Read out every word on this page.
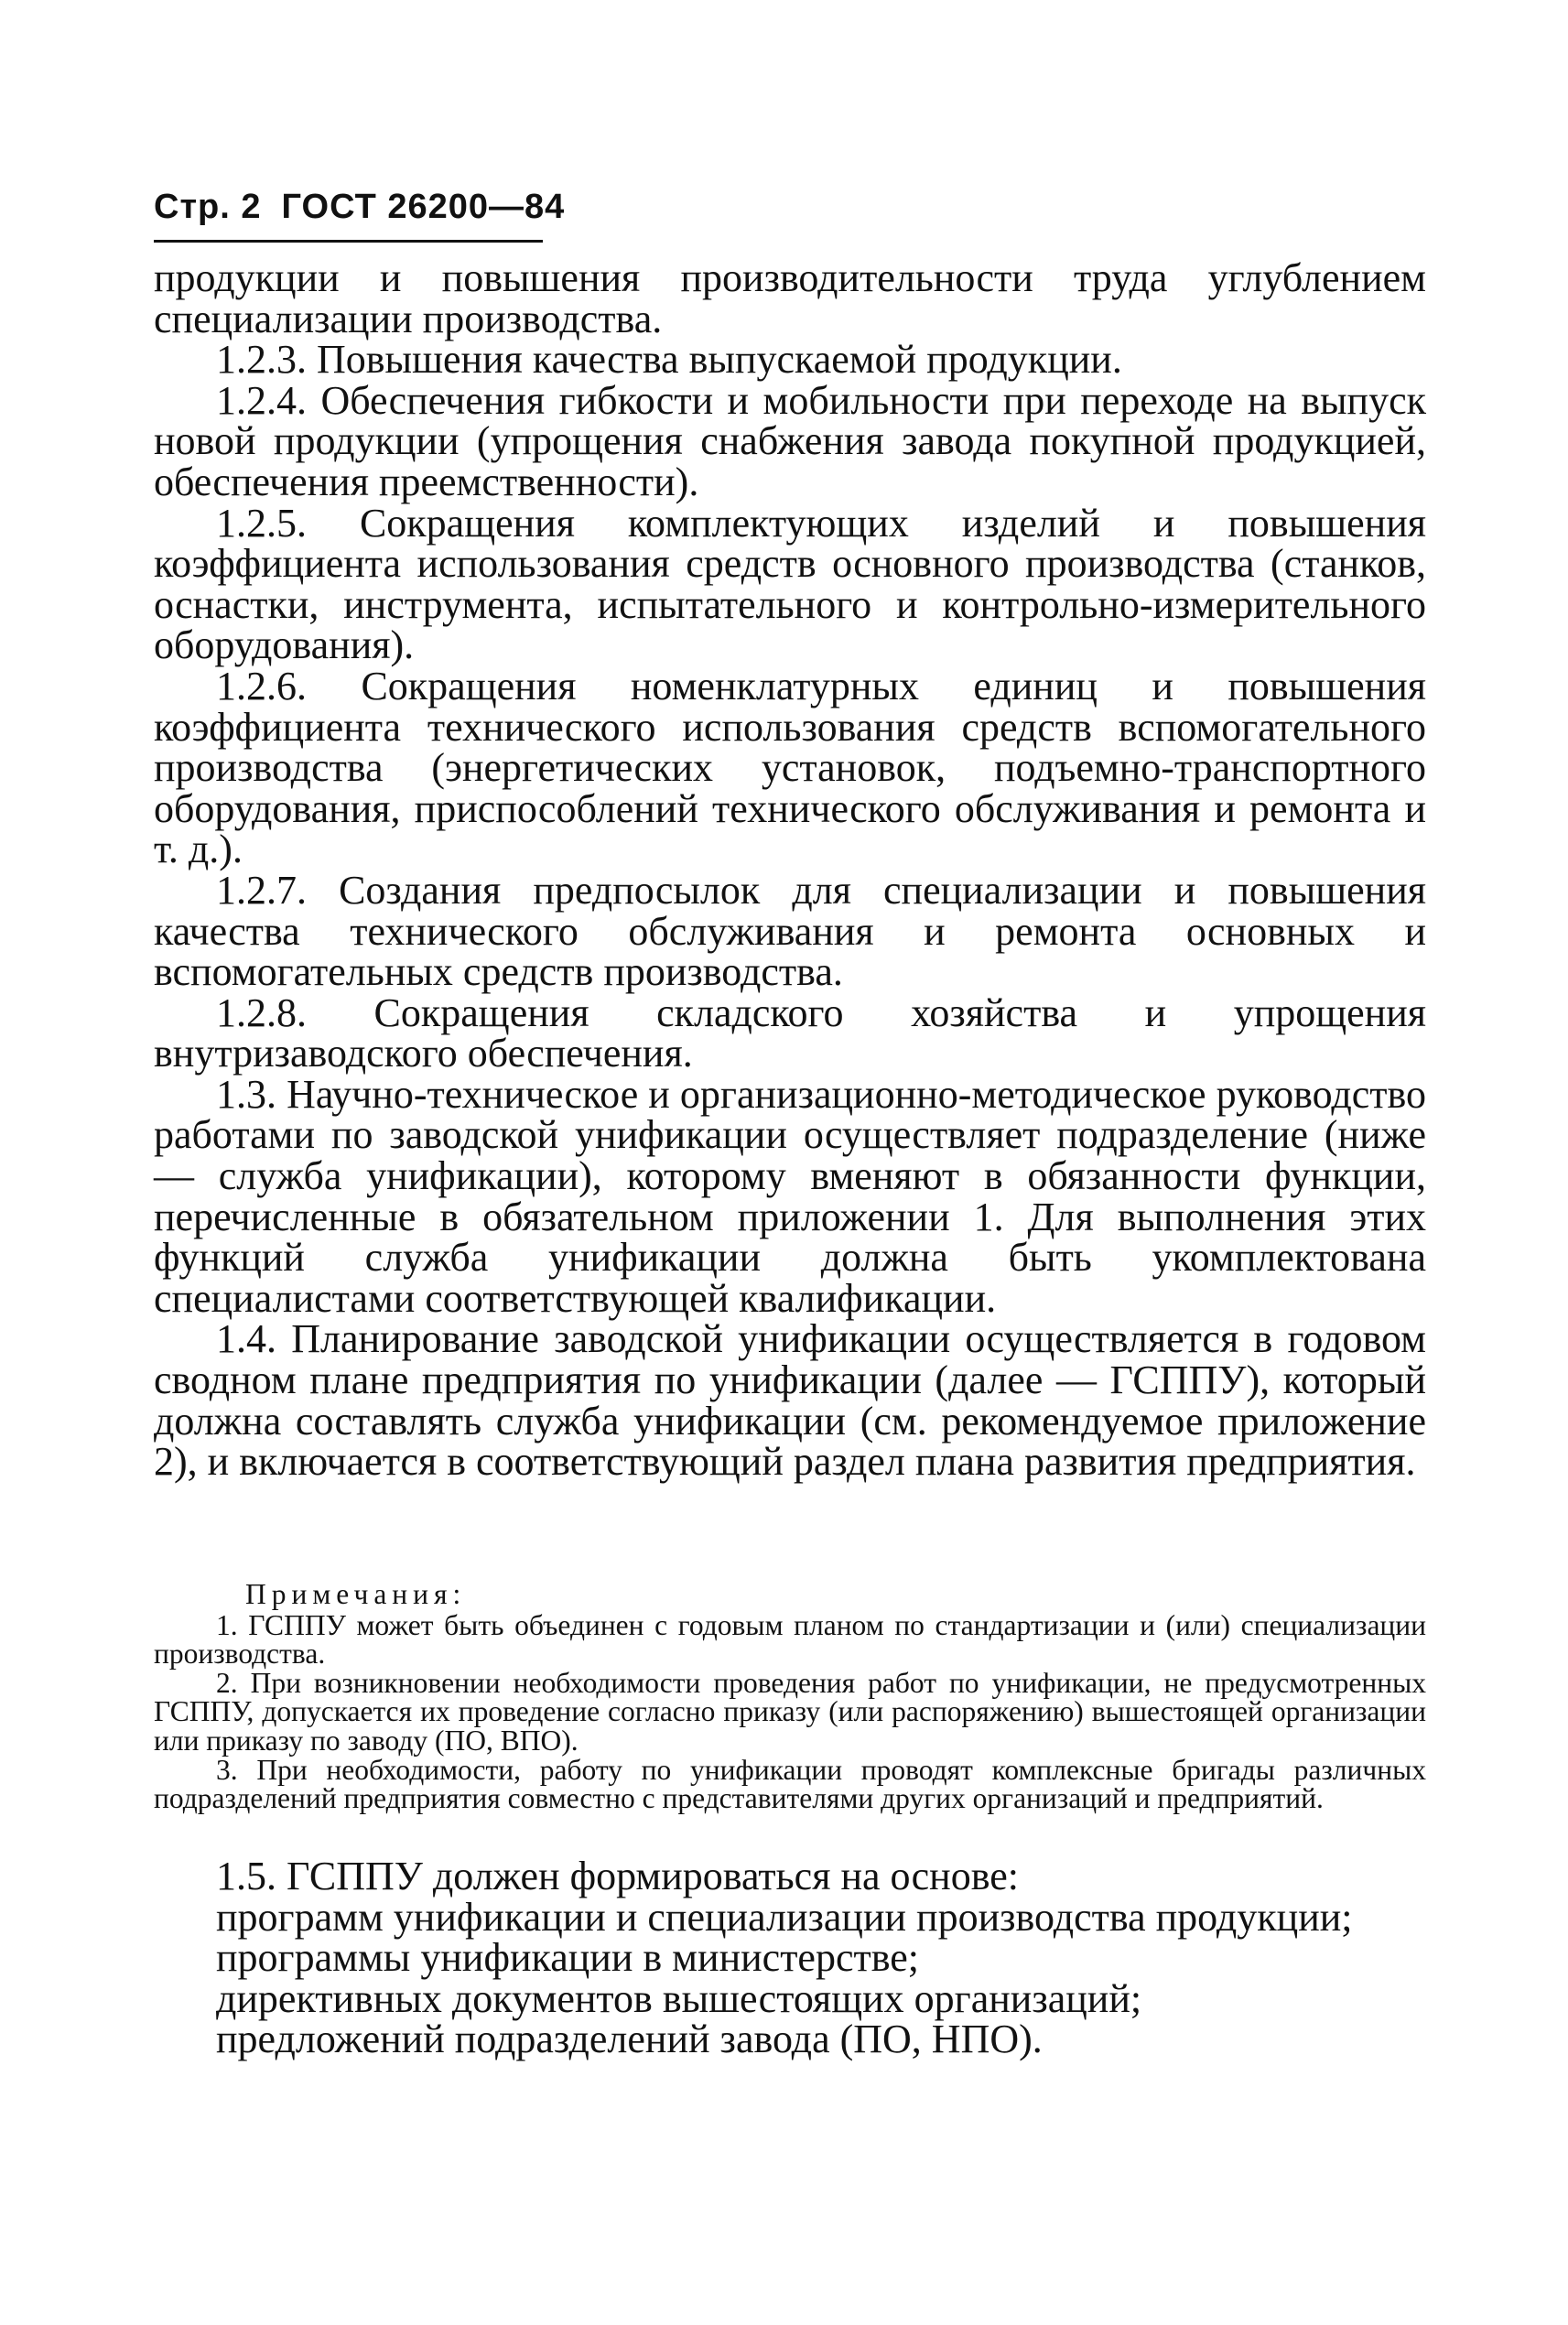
Стр. 2 ГОСТ 26200—84

продукции и повышения производительности труда углублением специализации производства.

1.2.3. Повышения качества выпускаемой продукции.

1.2.4. Обеспечения гибкости и мобильности при переходе на выпуск новой продукции (упрощения снабжения завода покупной продукцией, обеспечения преемственности).

1.2.5. Сокращения комплектующих изделий и повышения коэффициента использования средств основного производства (станков, оснастки, инструмента, испытательного и контрольно-измерительного оборудования).

1.2.6. Сокращения номенклатурных единиц и повышения коэффициента технического использования средств вспомогательного производства (энергетических установок, подъемно-транспортного оборудования, приспособлений технического обслуживания и ремонта и т. д.).

1.2.7. Создания предпосылок для специализации и повышения качества технического обслуживания и ремонта основных и вспомогательных средств производства.

1.2.8. Сокращения складского хозяйства и упрощения внутризаводского обеспечения.

1.3. Научно-техническое и организационно-методическое руководство работами по заводской унификации осуществляет подразделение (ниже — служба унификации), которому вменяют в обязанности функции, перечисленные в обязательном приложении 1. Для выполнения этих функций служба унификации должна быть укомплектована специалистами соответствующей квалификации.

1.4. Планирование заводской унификации осуществляется в годовом сводном плане предприятия по унификации (далее — ГСППУ), который должна составлять служба унификации (см. рекомендуемое приложение 2), и включается в соответствующий раздел плана развития предприятия.

Примечания:

1. ГСППУ может быть объединен с годовым планом по стандартизации и (или) специализации производства.

2. При возникновении необходимости проведения работ по унификации, не предусмотренных ГСППУ, допускается их проведение согласно приказу (или распоряжению) вышестоящей организации или приказу по заводу (ПО, ВПО).

3. При необходимости, работу по унификации проводят комплексные бригады различных подразделений предприятия совместно с представителями других организаций и предприятий.

1.5. ГСППУ должен формироваться на основе:

программ унификации и специализации производства продукции;

программы унификации в министерстве;

директивных документов вышестоящих организаций;

предложений подразделений завода (ПО, НПО).
